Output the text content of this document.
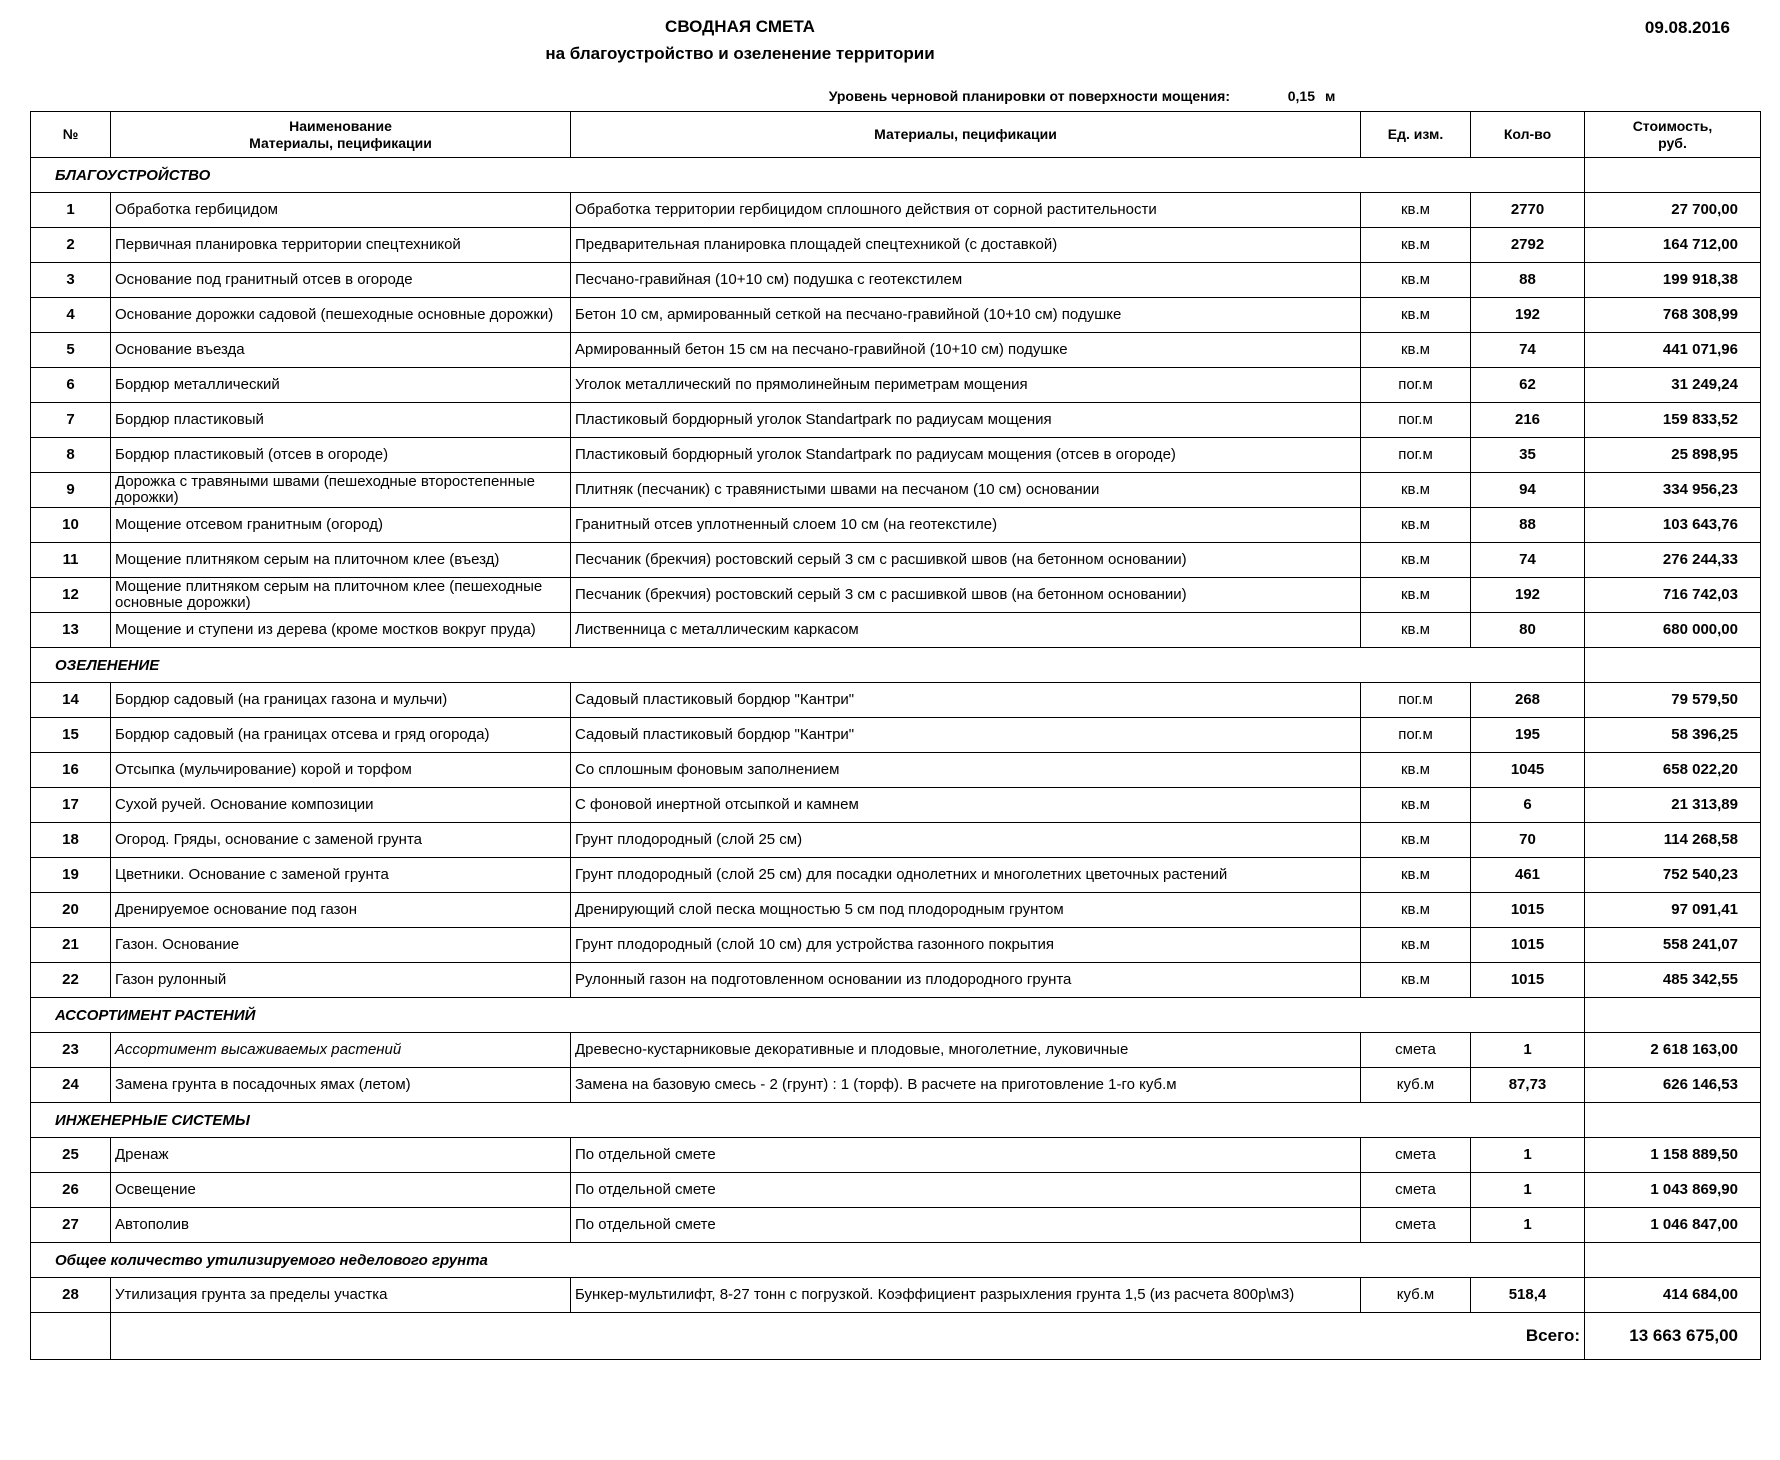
СВОДНАЯ СМЕТА
на благоустройство и озеленение территории
09.08.2016
Уровень черновой планировки от поверхности мощения:	0,15 м
№	Наименование Материалы, пецификации	Материалы, пецификации	Ед. изм.	Кол-во	Стоимость, руб.
БЛАГОУСТРОЙСТВО					
1	Обработка гербицидом	Обработка территории гербицидом сплошного действия от сорной растительности	кв.м	2770	27 700,00
2	Первичная планировка территории спецтехникой	Предварительная планировка площадей спецтехникой (с доставкой)	кв.м	2792	164 712,00
3	Основание под гранитный отсев в огороде	Песчано-гравийная (10+10 см) подушка с геотекстилем	кв.м	88	199 918,38
4	Основание дорожки садовой (пешеходные основные дорожки)	Бетон 10 см, армированный сеткой на песчано-гравийной (10+10 см) подушке	кв.м	192	768 308,99
5	Основание въезда	Армированный бетон 15 см на песчано-гравийной (10+10 см) подушке	кв.м	74	441 071,96
6	Бордюр металлический	Уголок металлический по прямолинейным периметрам мощения	пог.м	62	31 249,24
7	Бордюр пластиковый	Пластиковый бордюрный уголок Standartpark по радиусам мощения	пог.м	216	159 833,52
8	Бордюр пластиковый (отсев в огороде)	Пластиковый бордюрный уголок Standartpark по радиусам мощения (отсев в огороде)	пог.м	35	25 898,95
9	Дорожка с травяными швами (пешеходные второстепенные дорожки)	Плитняк (песчаник) с травянистыми швами на песчаном (10 см) основании	кв.м	94	334 956,23
10	Мощение отсевом гранитным (огород)	Гранитный отсев уплотненный слоем 10 см (на геотекстиле)	кв.м	88	103 643,76
11	Мощение плитняком серым на плиточном клее (въезд)	Песчаник (брекчия) ростовский серый 3 см с расшивкой швов (на бетонном основании)	кв.м	74	276 244,33
12	Мощение плитняком серым на плиточном клее (пешеходные основные дорожки)	Песчаник (брекчия) ростовский серый 3 см с расшивкой швов (на бетонном основании)	кв.м	192	716 742,03
13	Мощение и ступени из дерева (кроме мостков вокруг пруда)	Лиственница с металлическим каркасом	кв.м	80	680 000,00
ОЗЕЛЕНЕНИЕ					
14	Бордюр садовый (на границах газона и мульчи)	Садовый пластиковый бордюр "Кантри"	пог.м	268	79 579,50
15	Бордюр садовый (на границах отсева и гряд огорода)	Садовый пластиковый бордюр "Кантри"	пог.м	195	58 396,25
16	Отсыпка (мульчирование) корой и торфом	Со сплошным фоновым заполнением	кв.м	1045	658 022,20
17	Сухой ручей. Основание композиции	С фоновой инертной отсыпкой и камнем	кв.м	6	21 313,89
18	Огород. Гряды, основание с заменой грунта	Грунт плодородный (слой 25 см)	кв.м	70	114 268,58
19	Цветники. Основание с заменой грунта	Грунт плодородный (слой 25 см) для посадки однолетних и многолетних цветочных растений	кв.м	461	752 540,23
20	Дренируемое основание под газон	Дренирующий слой песка мощностью 5 см под плодородным грунтом	кв.м	1015	97 091,41
21	Газон. Основание	Грунт плодородный (слой 10 см) для устройства газонного покрытия	кв.м	1015	558 241,07
22	Газон рулонный	Рулонный газон на подготовленном основании из плодородного грунта	кв.м	1015	485 342,55
АССОРТИМЕНТ РАСТЕНИЙ					
23	Ассортимент высаживаемых растений	Древесно-кустарниковые декоративные и плодовые, многолетние, луковичные	смета	1	2 618 163,00
24	Замена грунта в посадочных ямах (летом)	Замена на базовую смесь - 2 (грунт) : 1 (торф). В расчете на приготовление 1-го куб.м	куб.м	87,73	626 146,53
ИНЖЕНЕРНЫЕ СИСТЕМЫ					
25	Дренаж	По отдельной смете	смета	1	1 158 889,50
26	Освещение	По отдельной смете	смета	1	1 043 869,90
27	Автополив	По отдельной смете	смета	1	1 046 847,00
Общее количество утилизируемого неделового грунта					
28	Утилизация грунта за пределы участка	Бункер-мультилифт, 8-27 тонн с погрузкой. Коэффициент разрыхления грунта 1,5 (из расчета 800р\м3)	куб.м	518,4	414 684,00
	Всего:				13 663 675,00
